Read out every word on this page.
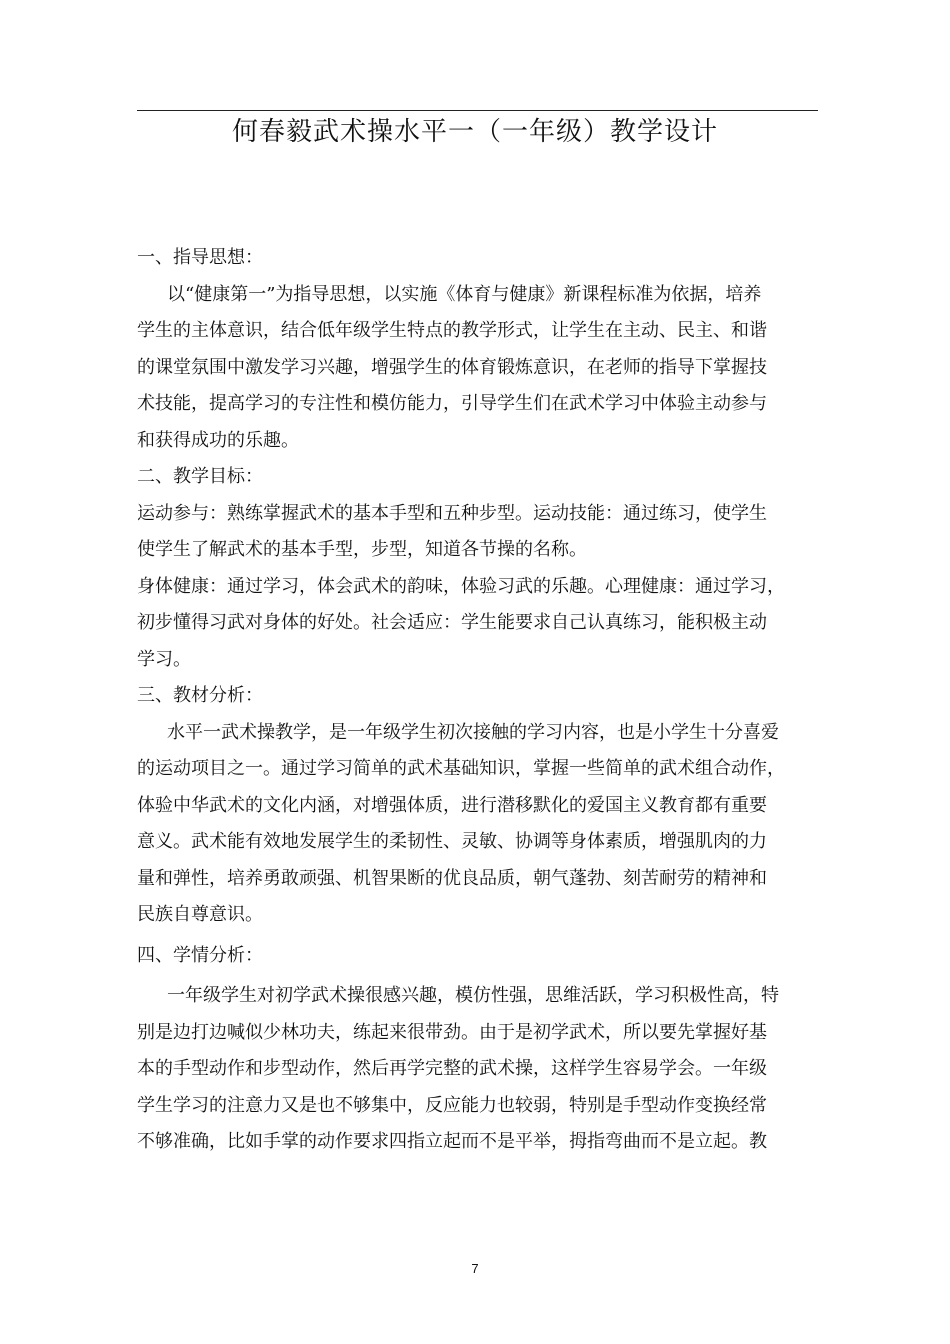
何春毅武术操水平一（一年级）教学设计

一、指导思想：

以“健康第一”为指导思想，以实施《体育与健康》新课程标准为依据，培养

学生的主体意识，结合低年级学生特点的教学形式，让学生在主动、民主、和谐

的课堂氛围中激发学习兴趣，增强学生的体育锻炼意识，在老师的指导下掌握技

术技能，提高学习的专注性和模仿能力，引导学生们在武术学习中体验主动参与

和获得成功的乐趣。

二、教学目标：

运动参与：熟练掌握武术的基本手型和五种步型。运动技能：通过练习，使学生

使学生了解武术的基本手型，步型，知道各节操的名称。

身体健康：通过学习，体会武术的韵味，体验习武的乐趣。心理健康：通过学习，

初步懂得习武对身体的好处。社会适应：学生能要求自己认真练习，能积极主动

学习。

三、教材分析：

水平一武术操教学，是一年级学生初次接触的学习内容，也是小学生十分喜爱

的运动项目之一。通过学习简单的武术基础知识，掌握一些简单的武术组合动作，

体验中华武术的文化内涵，对增强体质，进行潜移默化的爱国主义教育都有重要

意义。武术能有效地发展学生的柔韧性、灵敏、协调等身体素质，增强肌肉的力

量和弹性，培养勇敢顽强、机智果断的优良品质，朝气蓬勃、刻苦耐劳的精神和

民族自尊意识。

四、学情分析：

一年级学生对初学武术操很感兴趣，模仿性强，思维活跃，学习积极性高，特

别是边打边喊似少林功夫，练起来很带劲。由于是初学武术，所以要先掌握好基

本的手型动作和步型动作，然后再学完整的武术操，这样学生容易学会。一年级

学生学习的注意力又是也不够集中，反应能力也较弱，特别是手型动作变换经常

不够准确，比如手掌的动作要求四指立起而不是平举，拇指弯曲而不是立起。教

7
